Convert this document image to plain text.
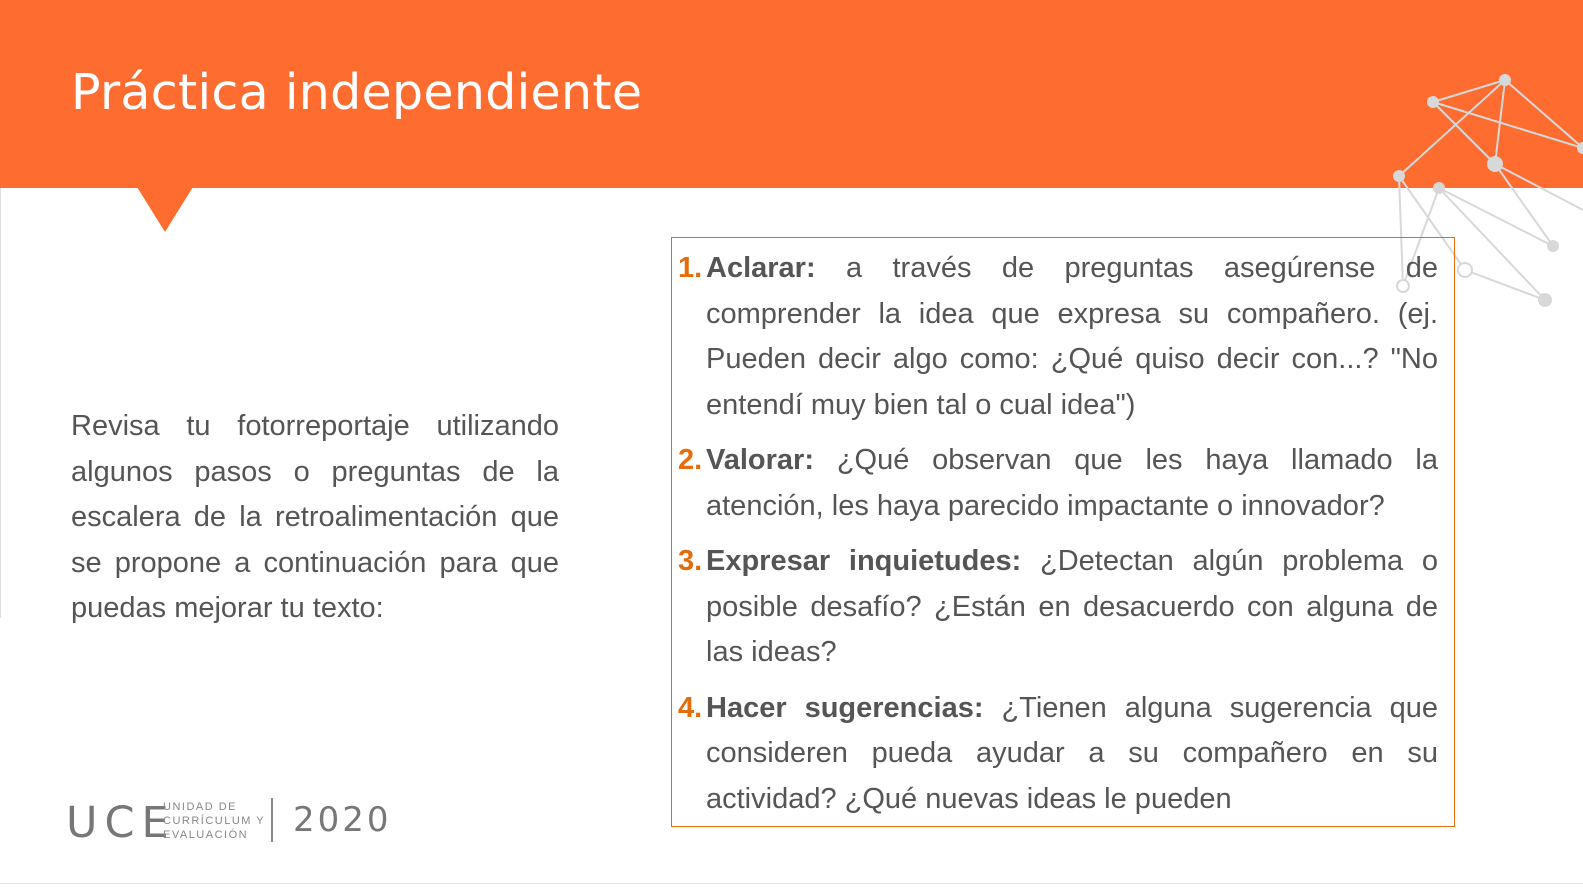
Práctica independiente

Revisa tu fotorreportaje utilizando algunos pasos o preguntas de la escalera de la retroalimentación que se propone a continuación para que puedas mejorar tu texto:

1. Aclarar: a través de preguntas asegúrense de comprender la idea que expresa su compañero. (ej. Pueden decir algo como: ¿Qué quiso decir con...? "No entendí muy bien tal o cual idea")
2. Valorar: ¿Qué observan que les haya llamado la atención, les haya parecido impactante o innovador?
3. Expresar inquietudes: ¿Detectan algún problema o posible desafío? ¿Están en desacuerdo con alguna de las ideas?
4. Hacer sugerencias: ¿Tienen alguna sugerencia que consideren pueda ayudar a su compañero en su actividad? ¿Qué nuevas ideas le pueden
UCE
UNIDAD DE
CURRÍCULUM Y
EVALUACIÓN	2020
